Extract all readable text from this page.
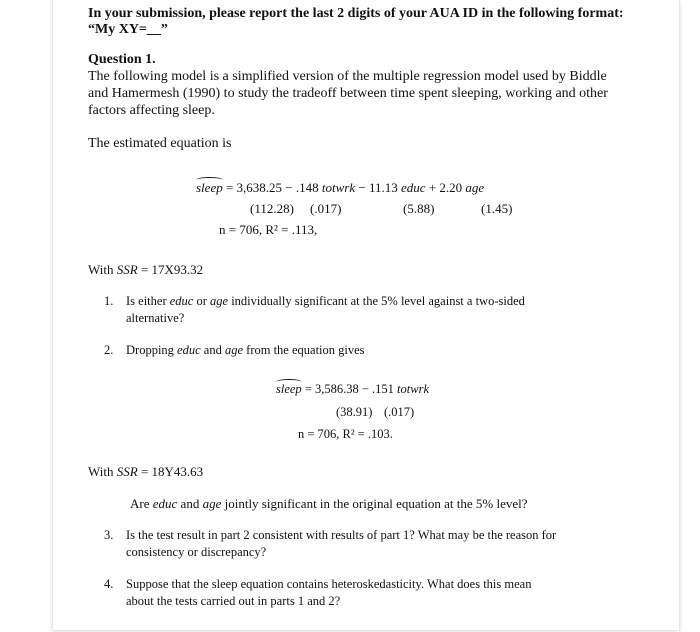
In your submission, please report the last 2 digits of your AUA ID in the following format:
“My XY=__”
Question 1.
The following model is a simplified version of the multiple regression model used by Biddle
and Hamermesh (1990) to study the tradeoff between time spent sleeping, working and other
factors affecting sleep.
The estimated equation is
sleep = 3,638.25 − .148 totwrk − 11.13 educ + 2.20 age
(112.28) (.017)	(5.88)	(1.45)
n = 706, R² = .113,
With SSR = 17X93.32
1. Is either educ or age individually significant at the 5% level against a two-sided
alternative?
2. Dropping educ and age from the equation gives
sleep = 3,586.38 − .151 totwrk
(38.91) (.017)
n = 706, R² = .103.
With SSR = 18Y43.63
Are educ and age jointly significant in the original equation at the 5% level?
3. Is the test result in part 2 consistent with results of part 1? What may be the reason for
consistency or discrepancy?
4. Suppose that the sleep equation contains heteroskedasticity. What does this mean
about the tests carried out in parts 1 and 2?
